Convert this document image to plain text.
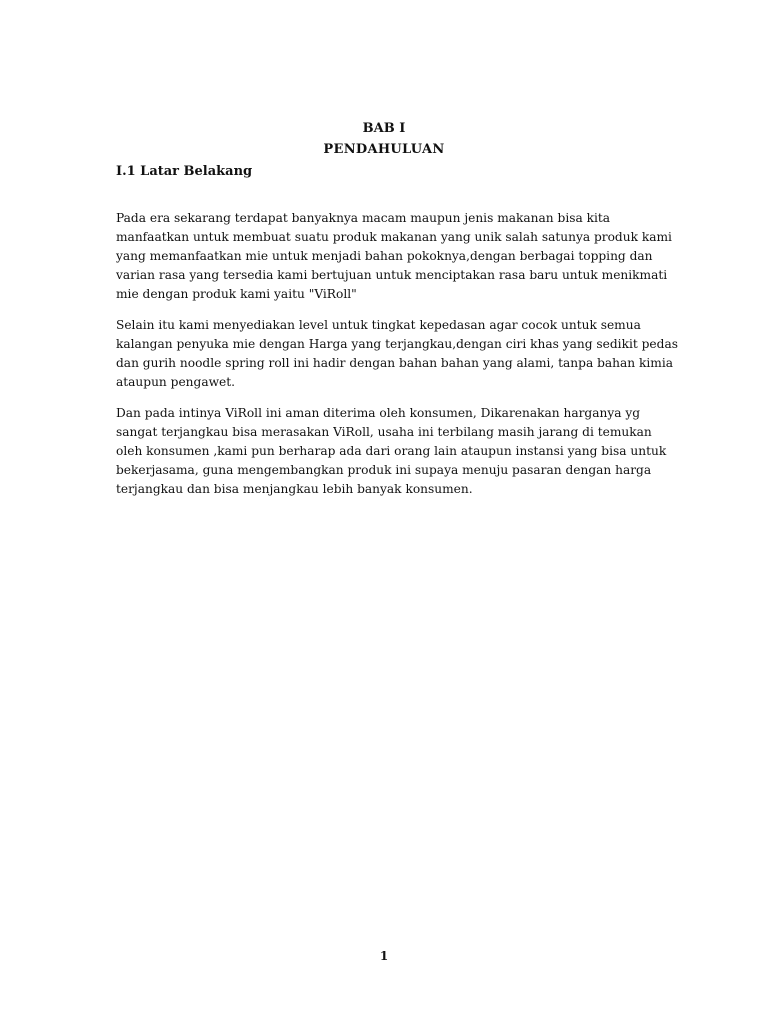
BAB I
PENDAHULUAN
I.1 Latar Belakang

Pada era sekarang terdapat banyaknya macam maupun jenis makanan bisa kita
manfaatkan untuk membuat suatu produk makanan yang unik salah satunya produk kami
yang memanfaatkan mie untuk menjadi bahan pokoknya,dengan berbagai topping dan
varian rasa yang tersedia kami bertujuan untuk menciptakan rasa baru untuk menikmati
mie dengan produk kami yaitu "ViRoll"

Selain itu kami menyediakan level untuk tingkat kepedasan agar cocok untuk semua
kalangan penyuka mie dengan Harga yang terjangkau,dengan ciri khas yang sedikit pedas
dan gurih noodle spring roll ini hadir dengan bahan bahan yang alami, tanpa bahan kimia
ataupun pengawet.

Dan pada intinya ViRoll ini aman diterima oleh konsumen, Dikarenakan harganya yg
sangat terjangkau bisa merasakan ViRoll, usaha ini terbilang masih jarang di temukan
oleh konsumen ,kami pun berharap ada dari orang lain ataupun instansi yang bisa untuk
bekerjasama, guna mengembangkan produk ini supaya menuju pasaran dengan harga
terjangkau dan bisa menjangkau lebih banyak konsumen.

1
